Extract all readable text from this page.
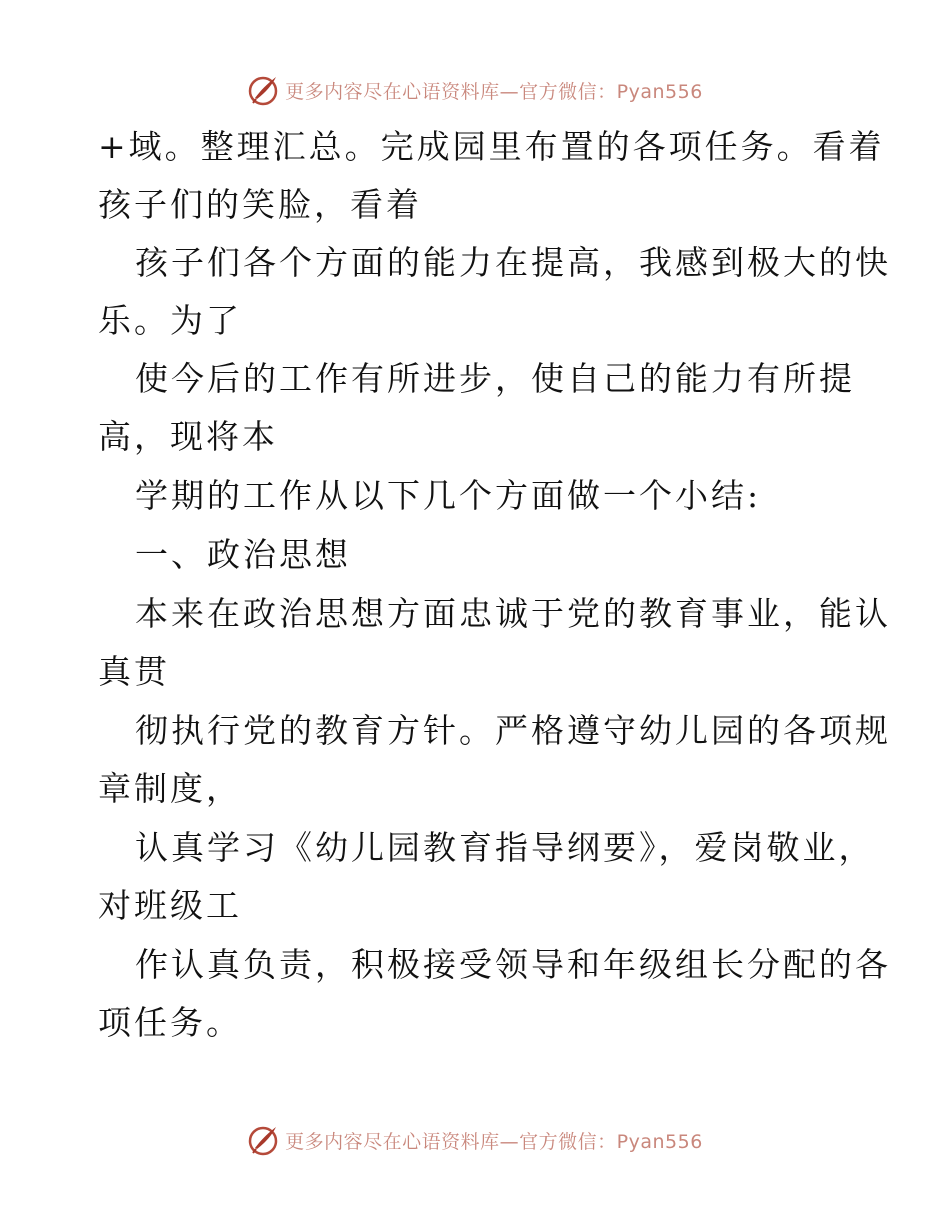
更多内容尽在心语资料库—官方微信：Pyan556
+域。整理汇总。完成园里布置的各项任务。看着
孩子们的笑脸，看着
孩子们各个方面的能力在提高，我感到极大的快
乐。为了
使今后的工作有所进步，使自己的能力有所提
高，现将本
学期的工作从以下几个方面做一个小结:
一、政治思想
本来在政治思想方面忠诚于党的教育事业，能认
真贯
彻执行党的教育方针。严格遵守幼儿园的各项规
章制度，
认真学习《幼儿园教育指导纲要》，爱岗敬业，
对班级工
作认真负责，积极接受领导和年级组长分配的各
项任务。
更多内容尽在心语资料库—官方微信：Pyan556
